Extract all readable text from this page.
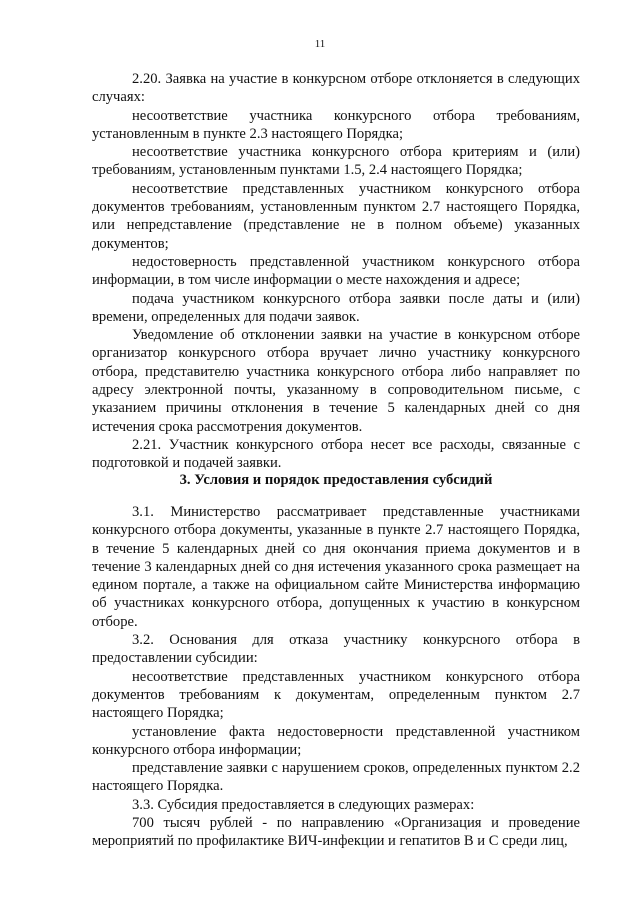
11

2.20. Заявка на участие в конкурсном отборе отклоняется в следующих случаях:

несоответствие участника конкурсного отбора требованиям, установленным в пункте 2.3 настоящего Порядка;

несоответствие участника конкурсного отбора критериям и (или) требованиям, установленным пунктами 1.5, 2.4 настоящего Порядка;

несоответствие представленных участником конкурсного отбора документов требованиям, установленным пунктом 2.7 настоящего Порядка, или непредставление (представление не в полном объеме) указанных документов;

недостоверность представленной участником конкурсного отбора информации, в том числе информации о месте нахождения и адресе;

подача участником конкурсного отбора заявки после даты и (или) времени, определенных для подачи заявок.

Уведомление об отклонении заявки на участие в конкурсном отборе организатор конкурсного отбора вручает лично участнику конкурсного отбора, представителю участника конкурсного отбора либо направляет по адресу электронной почты, указанному в сопроводительном письме, с указанием причины отклонения в течение 5 календарных дней со дня истечения срока рассмотрения документов.

2.21. Участник конкурсного отбора несет все расходы, связанные с подготовкой и подачей заявки.

3. Условия и порядок предоставления субсидий

3.1. Министерство рассматривает представленные участниками конкурсного отбора документы, указанные в пункте 2.7 настоящего Порядка, в течение 5 календарных дней со дня окончания приема документов и в течение 3 календарных дней со дня истечения указанного срока размещает на едином портале, а также на официальном сайте Министерства информацию об участниках конкурсного отбора, допущенных к участию в конкурсном отборе.

3.2. Основания для отказа участнику конкурсного отбора в предоставлении субсидии:

несоответствие представленных участником конкурсного отбора документов требованиям к документам, определенным пунктом 2.7 настоящего Порядка;

установление факта недостоверности представленной участником конкурсного отбора информации;

представление заявки с нарушением сроков, определенных пунктом 2.2 настоящего Порядка.

3.3. Субсидия предоставляется в следующих размерах:

700 тысяч рублей - по направлению «Организация и проведение мероприятий по профилактике ВИЧ-инфекции и гепатитов В и С среди лиц,
